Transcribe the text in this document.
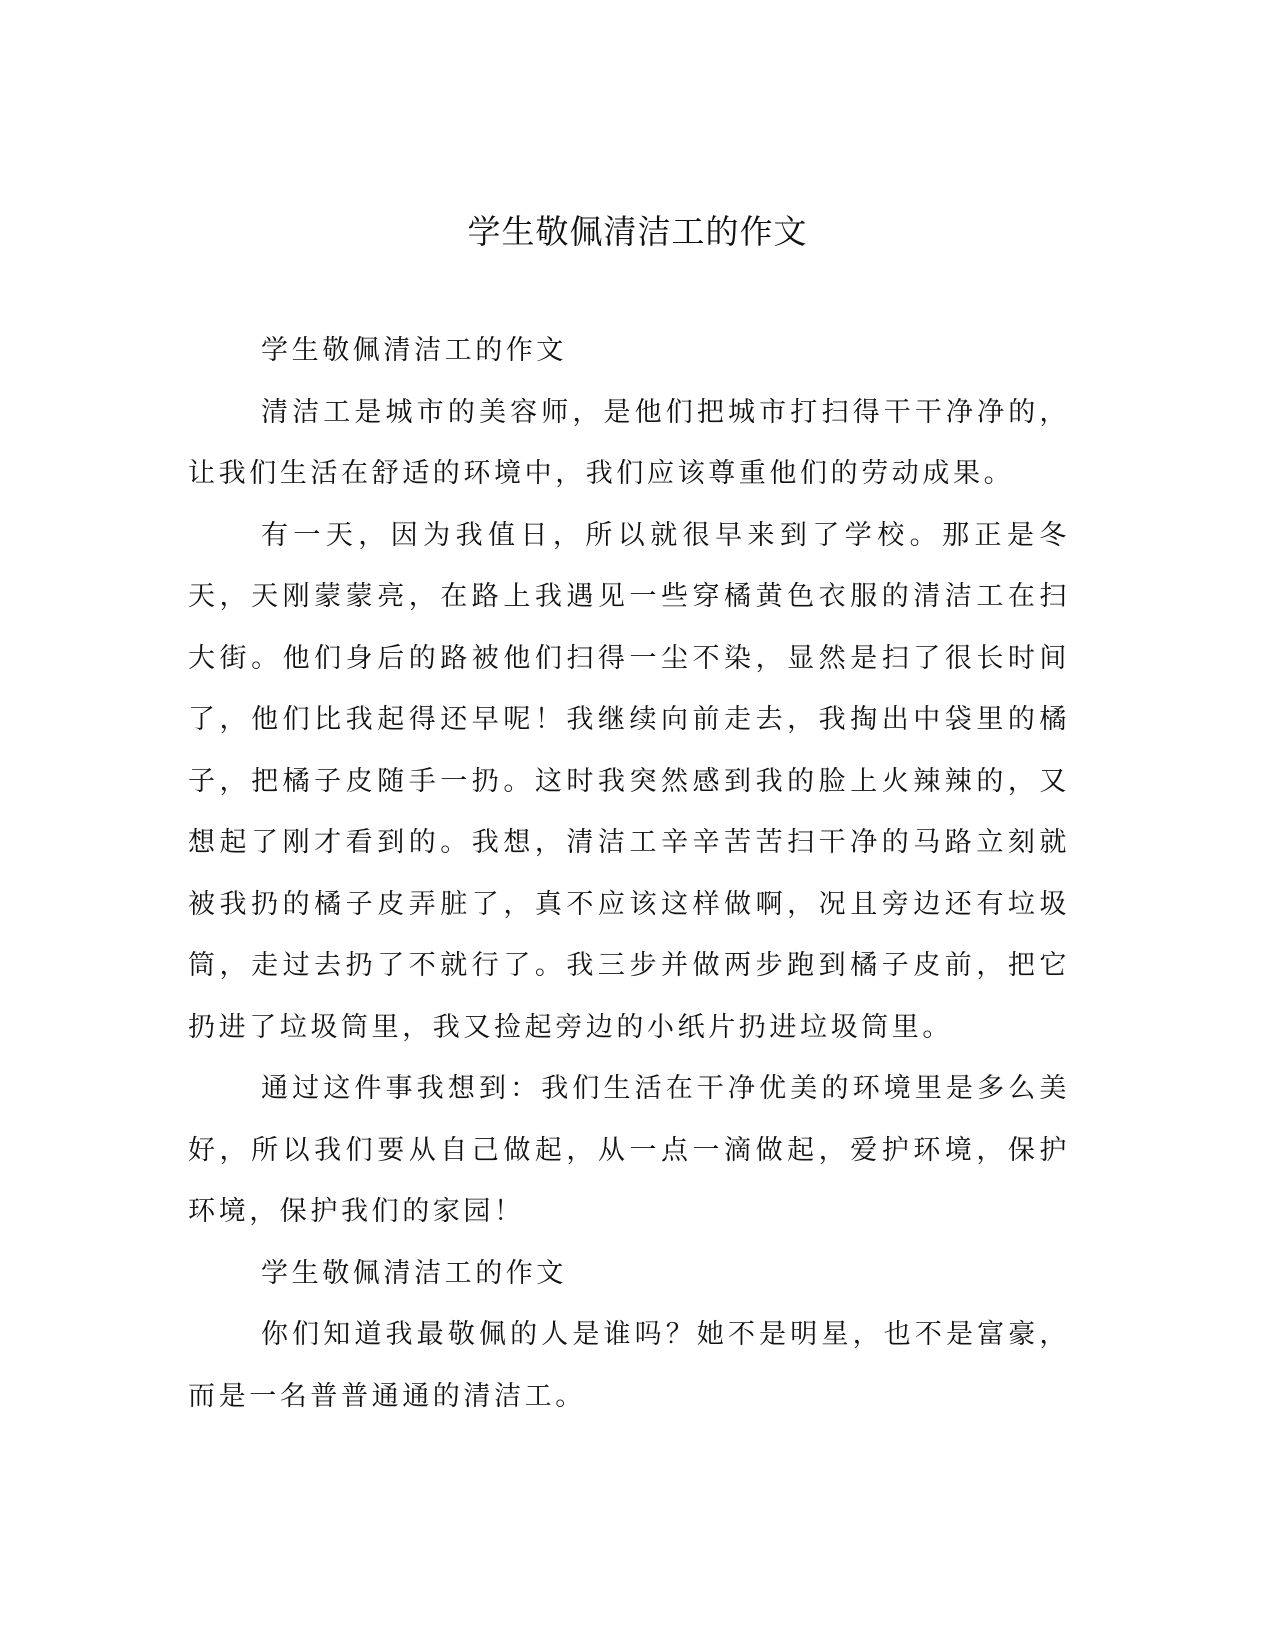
学生敬佩清洁工的作文

学生敬佩清洁工的作文

清洁工是城市的美容师，是他们把城市打扫得干干净净的，让我们生活在舒适的环境中，我们应该尊重他们的劳动成果。

有一天，因为我值日，所以就很早来到了学校。那正是冬天，天刚蒙蒙亮，在路上我遇见一些穿橘黄色衣服的清洁工在扫大街。他们身后的路被他们扫得一尘不染，显然是扫了很长时间了，他们比我起得还早呢！我继续向前走去，我掏出中袋里的橘子，把橘子皮随手一扔。这时我突然感到我的脸上火辣辣的，又想起了刚才看到的。我想，清洁工辛辛苦苦扫干净的马路立刻就被我扔的橘子皮弄脏了，真不应该这样做啊，况且旁边还有垃圾筒，走过去扔了不就行了。我三步并做两步跑到橘子皮前，把它扔进了垃圾筒里，我又捡起旁边的小纸片扔进垃圾筒里。

通过这件事我想到：我们生活在干净优美的环境里是多么美好，所以我们要从自己做起，从一点一滴做起，爱护环境，保护环境，保护我们的家园！

学生敬佩清洁工的作文

你们知道我最敬佩的人是谁吗？她不是明星，也不是富豪，而是一名普普通通的清洁工。
